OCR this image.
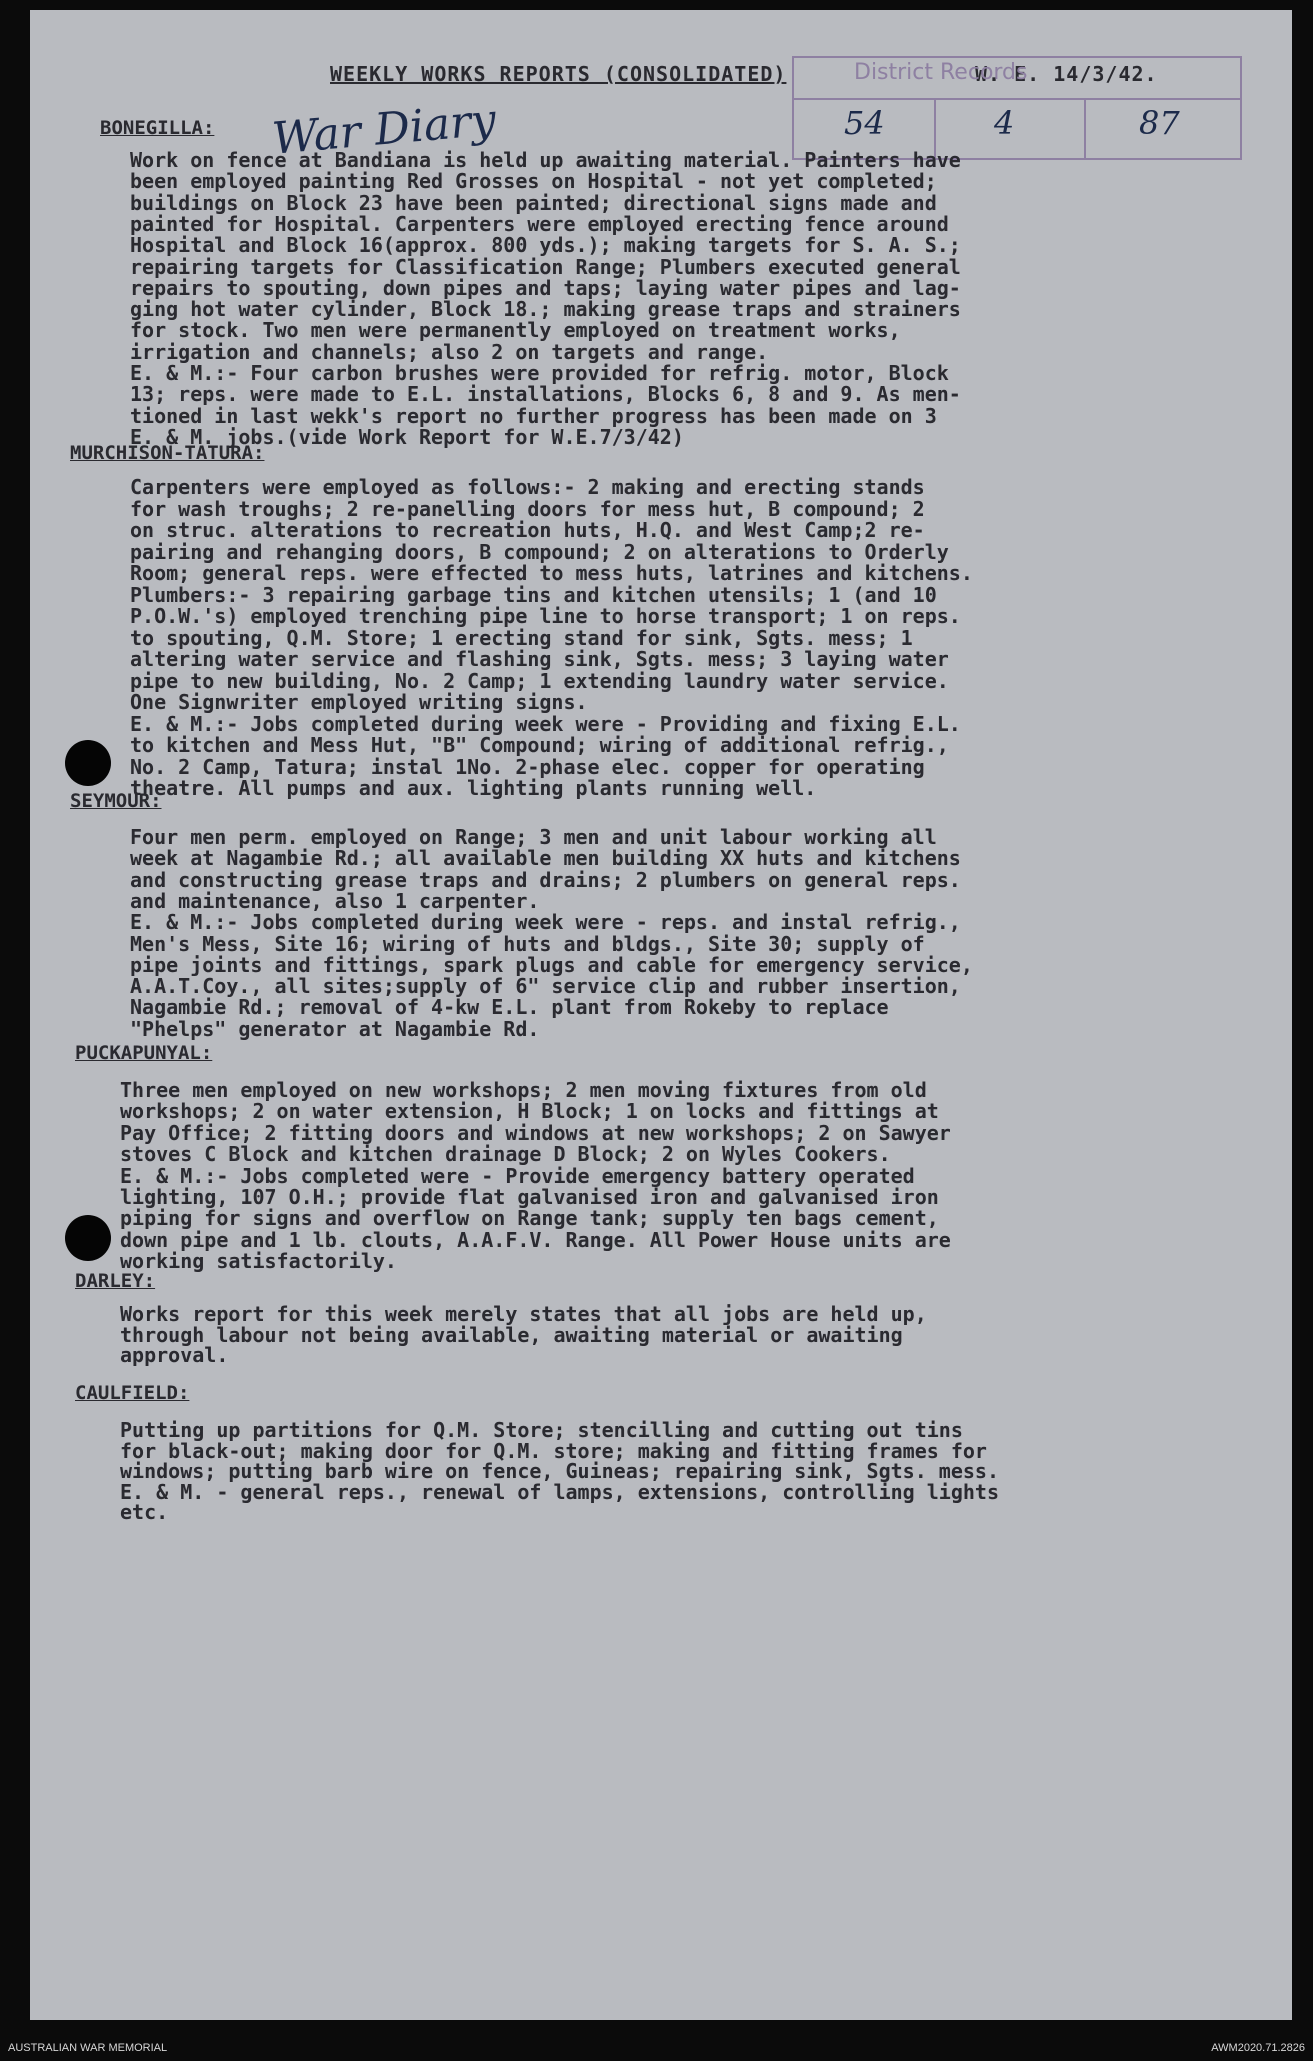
WEEKLY WORKS REPORTS (CONSOLIDATED)	W. E. 14/3/42.
District Records
54	4	87
War Diary
BONEGILLA:
Work on fence at Bandiana is held up awaiting material. Painters have
been employed painting Red Grosses on Hospital - not yet completed;
buildings on Block 23 have been painted; directional signs made and
painted for Hospital. Carpenters were employed erecting fence around
Hospital and Block 16(approx. 800 yds.); making targets for S. A. S.;
repairing targets for Classification Range; Plumbers executed general
repairs to spouting, down pipes and taps; laying water pipes and lag-
ging hot water cylinder, Block 18.; making grease traps and strainers
for stock. Two men were permanently employed on treatment works,
irrigation and channels; also 2 on targets and range.
E. & M.:- Four carbon brushes were provided for refrig. motor, Block
13; reps. were made to E.L. installations, Blocks 6, 8 and 9. As men-
tioned in last wekk's report no further progress has been made on 3
E. & M. jobs.(vide Work Report for W.E.7/3/42)
MURCHISON-TATURA:
Carpenters were employed as follows:- 2 making and erecting stands
for wash troughs; 2 re-panelling doors for mess hut, B compound; 2
on struc. alterations to recreation huts, H.Q. and West Camp;2 re-
pairing and rehanging doors, B compound; 2 on alterations to Orderly
Room; general reps. were effected to mess huts, latrines and kitchens.
Plumbers:- 3 repairing garbage tins and kitchen utensils; 1 (and 10
P.O.W.'s) employed trenching pipe line to horse transport; 1 on reps.
to spouting, Q.M. Store; 1 erecting stand for sink, Sgts. mess; 1
altering water service and flashing sink, Sgts. mess; 3 laying water
pipe to new building, No. 2 Camp; 1 extending laundry water service.
One Signwriter employed writing signs.
E. & M.:- Jobs completed during week were - Providing and fixing E.L.
to kitchen and Mess Hut, "B" Compound; wiring of additional refrig.,
No. 2 Camp, Tatura; instal 1No. 2-phase elec. copper for operating
theatre. All pumps and aux. lighting plants running well.
SEYMOUR:
Four men perm. employed on Range; 3 men and unit labour working all
week at Nagambie Rd.; all available men building XX huts and kitchens
and constructing grease traps and drains; 2 plumbers on general reps.
and maintenance, also 1 carpenter.
E. & M.:- Jobs completed during week were - reps. and instal refrig.,
Men's Mess, Site 16; wiring of huts and bldgs., Site 30; supply of
pipe joints and fittings, spark plugs and cable for emergency service,
A.A.T.Coy., all sites;supply of 6" service clip and rubber insertion,
Nagambie Rd.; removal of 4-kw E.L. plant from Rokeby to replace
"Phelps" generator at Nagambie Rd.
PUCKAPUNYAL:
Three men employed on new workshops; 2 men moving fixtures from old
workshops; 2 on water extension, H Block; 1 on locks and fittings at
Pay Office; 2 fitting doors and windows at new workshops; 2 on Sawyer
stoves C Block and kitchen drainage D Block; 2 on Wyles Cookers.
E. & M.:- Jobs completed were - Provide emergency battery operated
lighting, 107 O.H.; provide flat galvanised iron and galvanised iron
piping for signs and overflow on Range tank; supply ten bags cement,
down pipe and 1 lb. clouts, A.A.F.V. Range. All Power House units are
working satisfactorily.
DARLEY:
Works report for this week merely states that all jobs are held up,
through labour not being available, awaiting material or awaiting
approval.
CAULFIELD:
Putting up partitions for Q.M. Store; stencilling and cutting out tins
for black-out; making door for Q.M. store; making and fitting frames for
windows; putting barb wire on fence, Guineas; repairing sink, Sgts. mess.
E. & M. - general reps., renewal of lamps, extensions, controlling lights
etc.
AUSTRALIAN WAR MEMORIAL	AWM2020.71.2826
